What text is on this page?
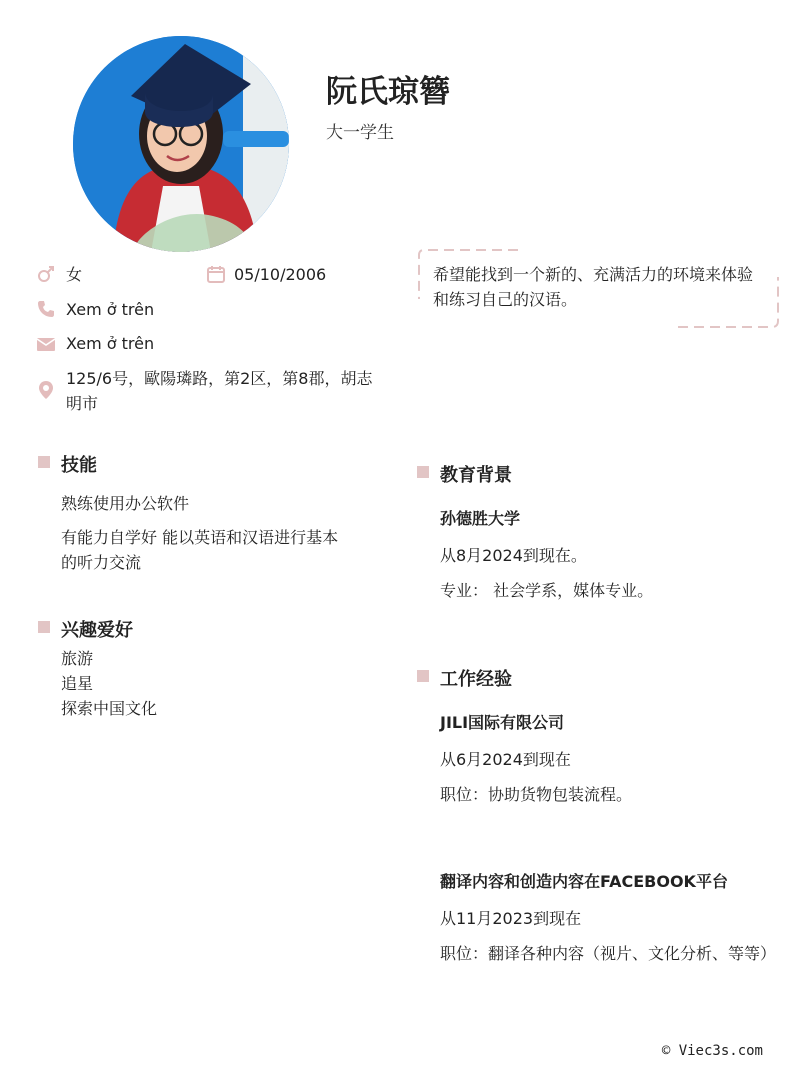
阮氏琼簪
大一学生
女	05/10/2006
Xem ở trên
Xem ở trên
125/6号，歐陽璘路，第2区，第8郡，胡志明市
希望能找到一个新的、充满活力的环境来体验和练习自己的汉语。
技能
熟练使用办公软件
有能力自学好 能以英语和汉语进行基本的听力交流
兴趣爱好
旅游
追星
探索中国文化
教育背景
孙德胜大学
从8月2024到现在。
专业： 社会学系，媒体专业。
工作经验
JILI国际有限公司
从6月2024到现在
职位：协助货物包装流程。
翻译内容和创造内容在FACEBOOK平台
从11月2023到现在
职位：翻译各种内容（视片、文化分析、等等）
© Viec3s.com
